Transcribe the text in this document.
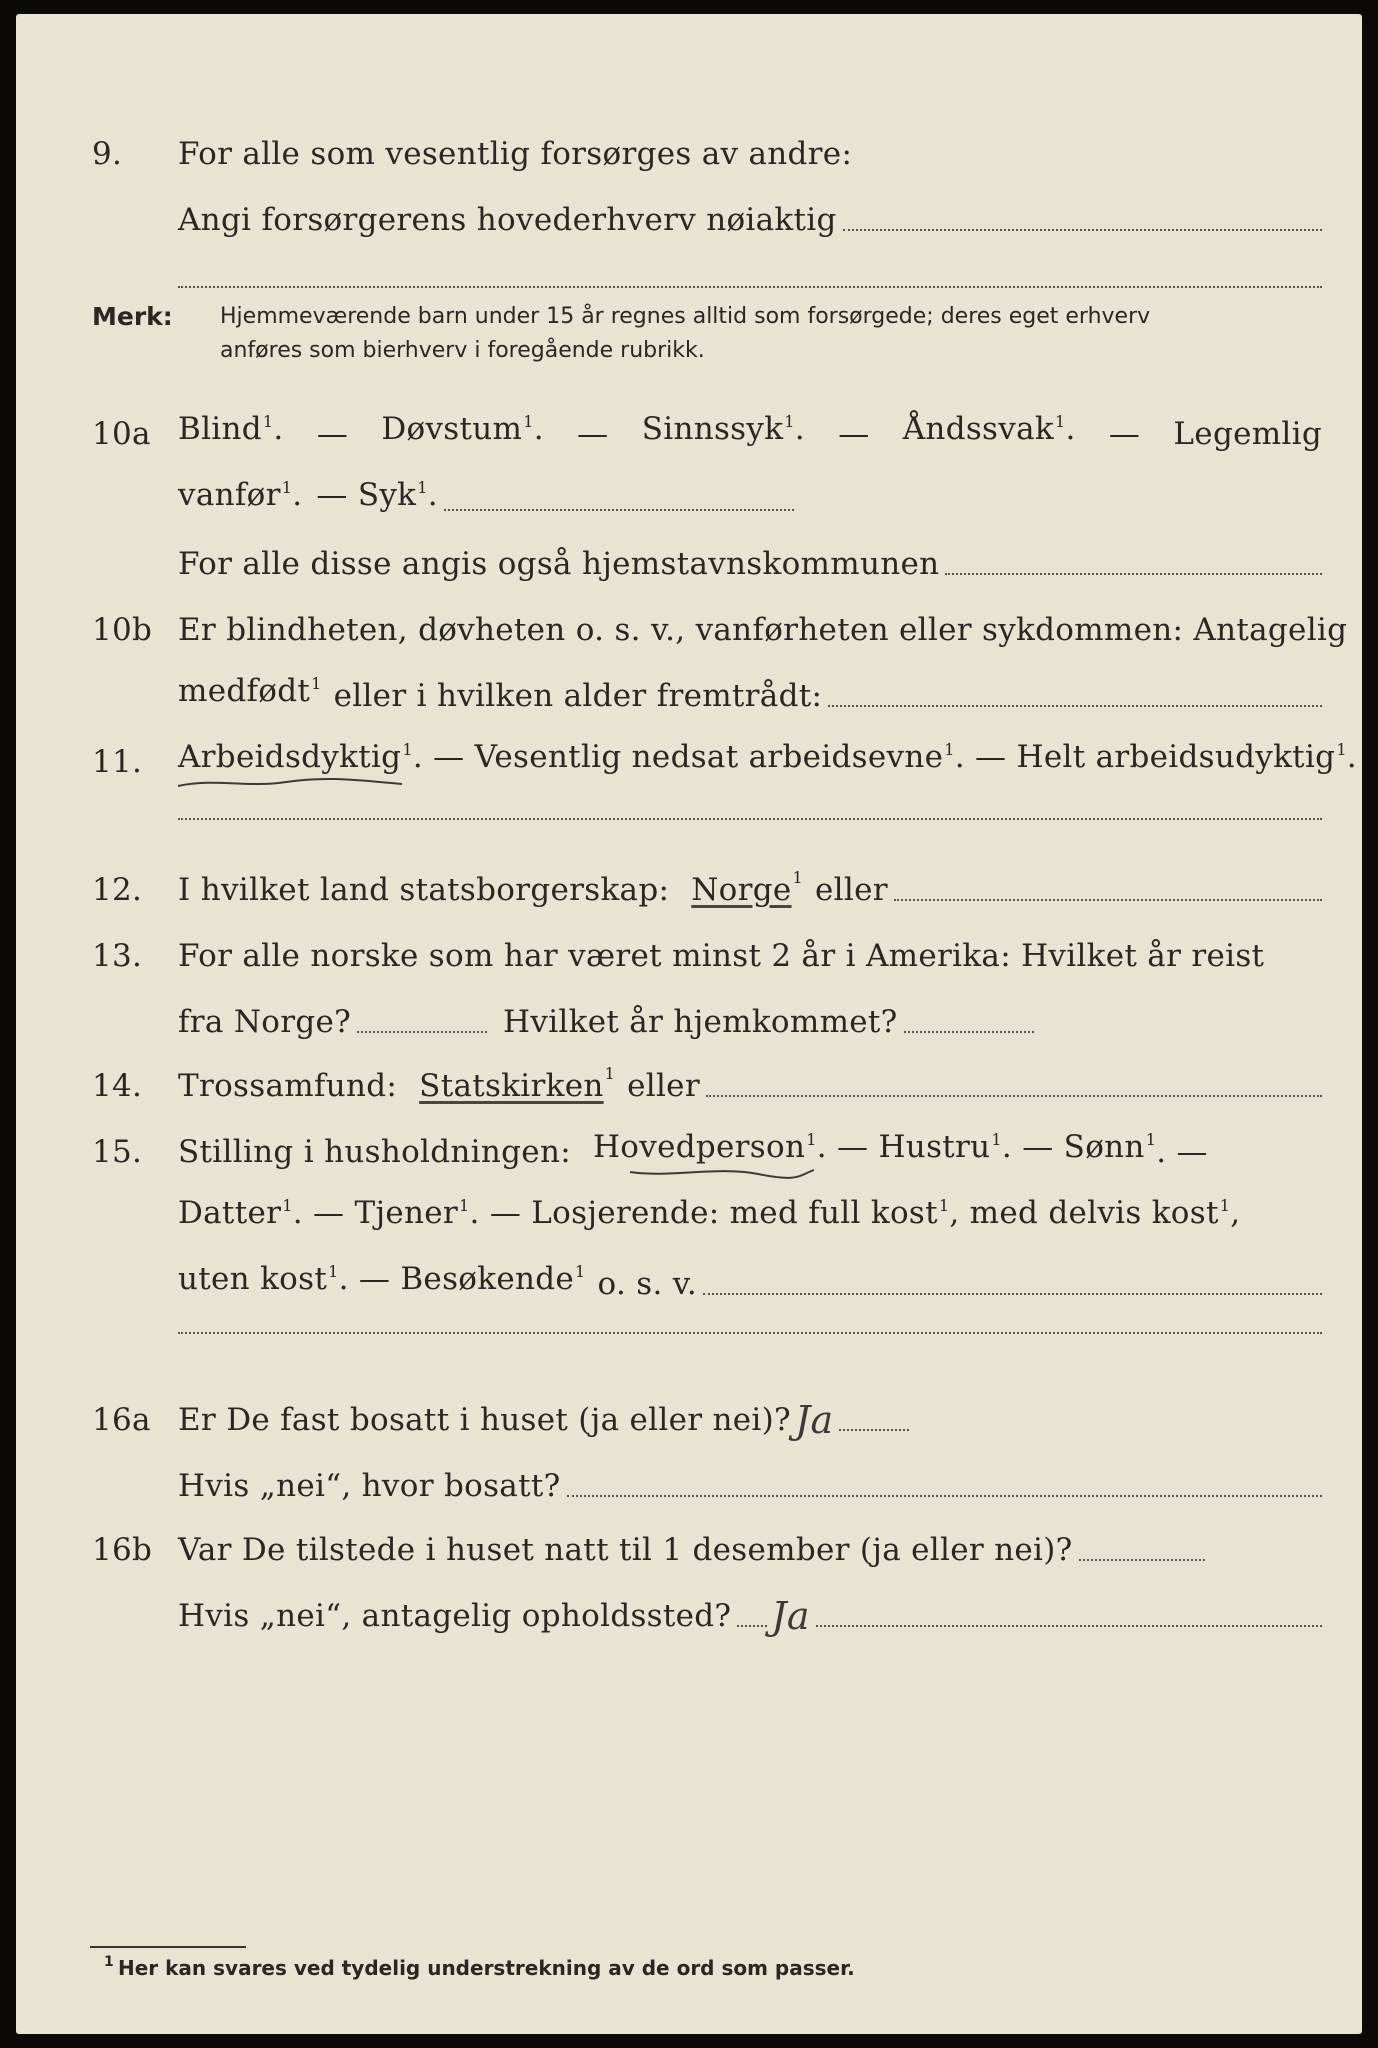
9.	For alle som vesentlig forsørges av andre:
Angi forsørgerens hovederhverv nøiaktig
Merk: Hjemmeværende barn under 15 år regnes alltid som forsørgede; deres eget erhverv
anføres som bierhverv i foregående rubrikk.
10a Blind$^1$. — Døvstum$^1$. — Sinnssyk$^1$. — Åndssvak$^1$. — Legemlig
vanfør$^1$. — Syk$^1$.
For alle disse angis også hjemstavnskommunen
10b Er blindheten, døvheten o. s. v., vanførheten eller sykdommen: Antagelig
medfødt$^1$ eller i hvilken alder fremtrådt:
11.	Arbeidsdyktig$^1$ . — Vesentlig nedsat arbeidsevne$^1$ . — Helt arbeidsudyktig$^1$.
12.	I hvilket land statsborgerskap: Norge 1 eller
13.	For alle norske som har været minst 2 år i Amerika: Hvilket år reist
fra Norge?	Hvilket år hjemkommet?
14.	Trossamfund: Statskirken 1 eller
15.	Stilling i husholdningen: Hovedperson$^1$ . — Hustru$^1$ . — Sønn$^1$ . —
Datter$^1$ . — Tjener$^1$ . — Losjerende: med full kost$^1$ , med delvis kost$^1$,
uten kost$^1$ . — Besøkende$^1$ o. s. v.
16a Er De fast bosatt i huset (ja eller nei)? Ja
Hvis „nei“, hvor bosatt?
16b Var De tilstede i huset natt til 1 desember (ja eller nei)?
Hvis „nei“, antagelig opholdssted? Ja
1 Her kan svares ved tydelig understrekning av de ord som passer.
